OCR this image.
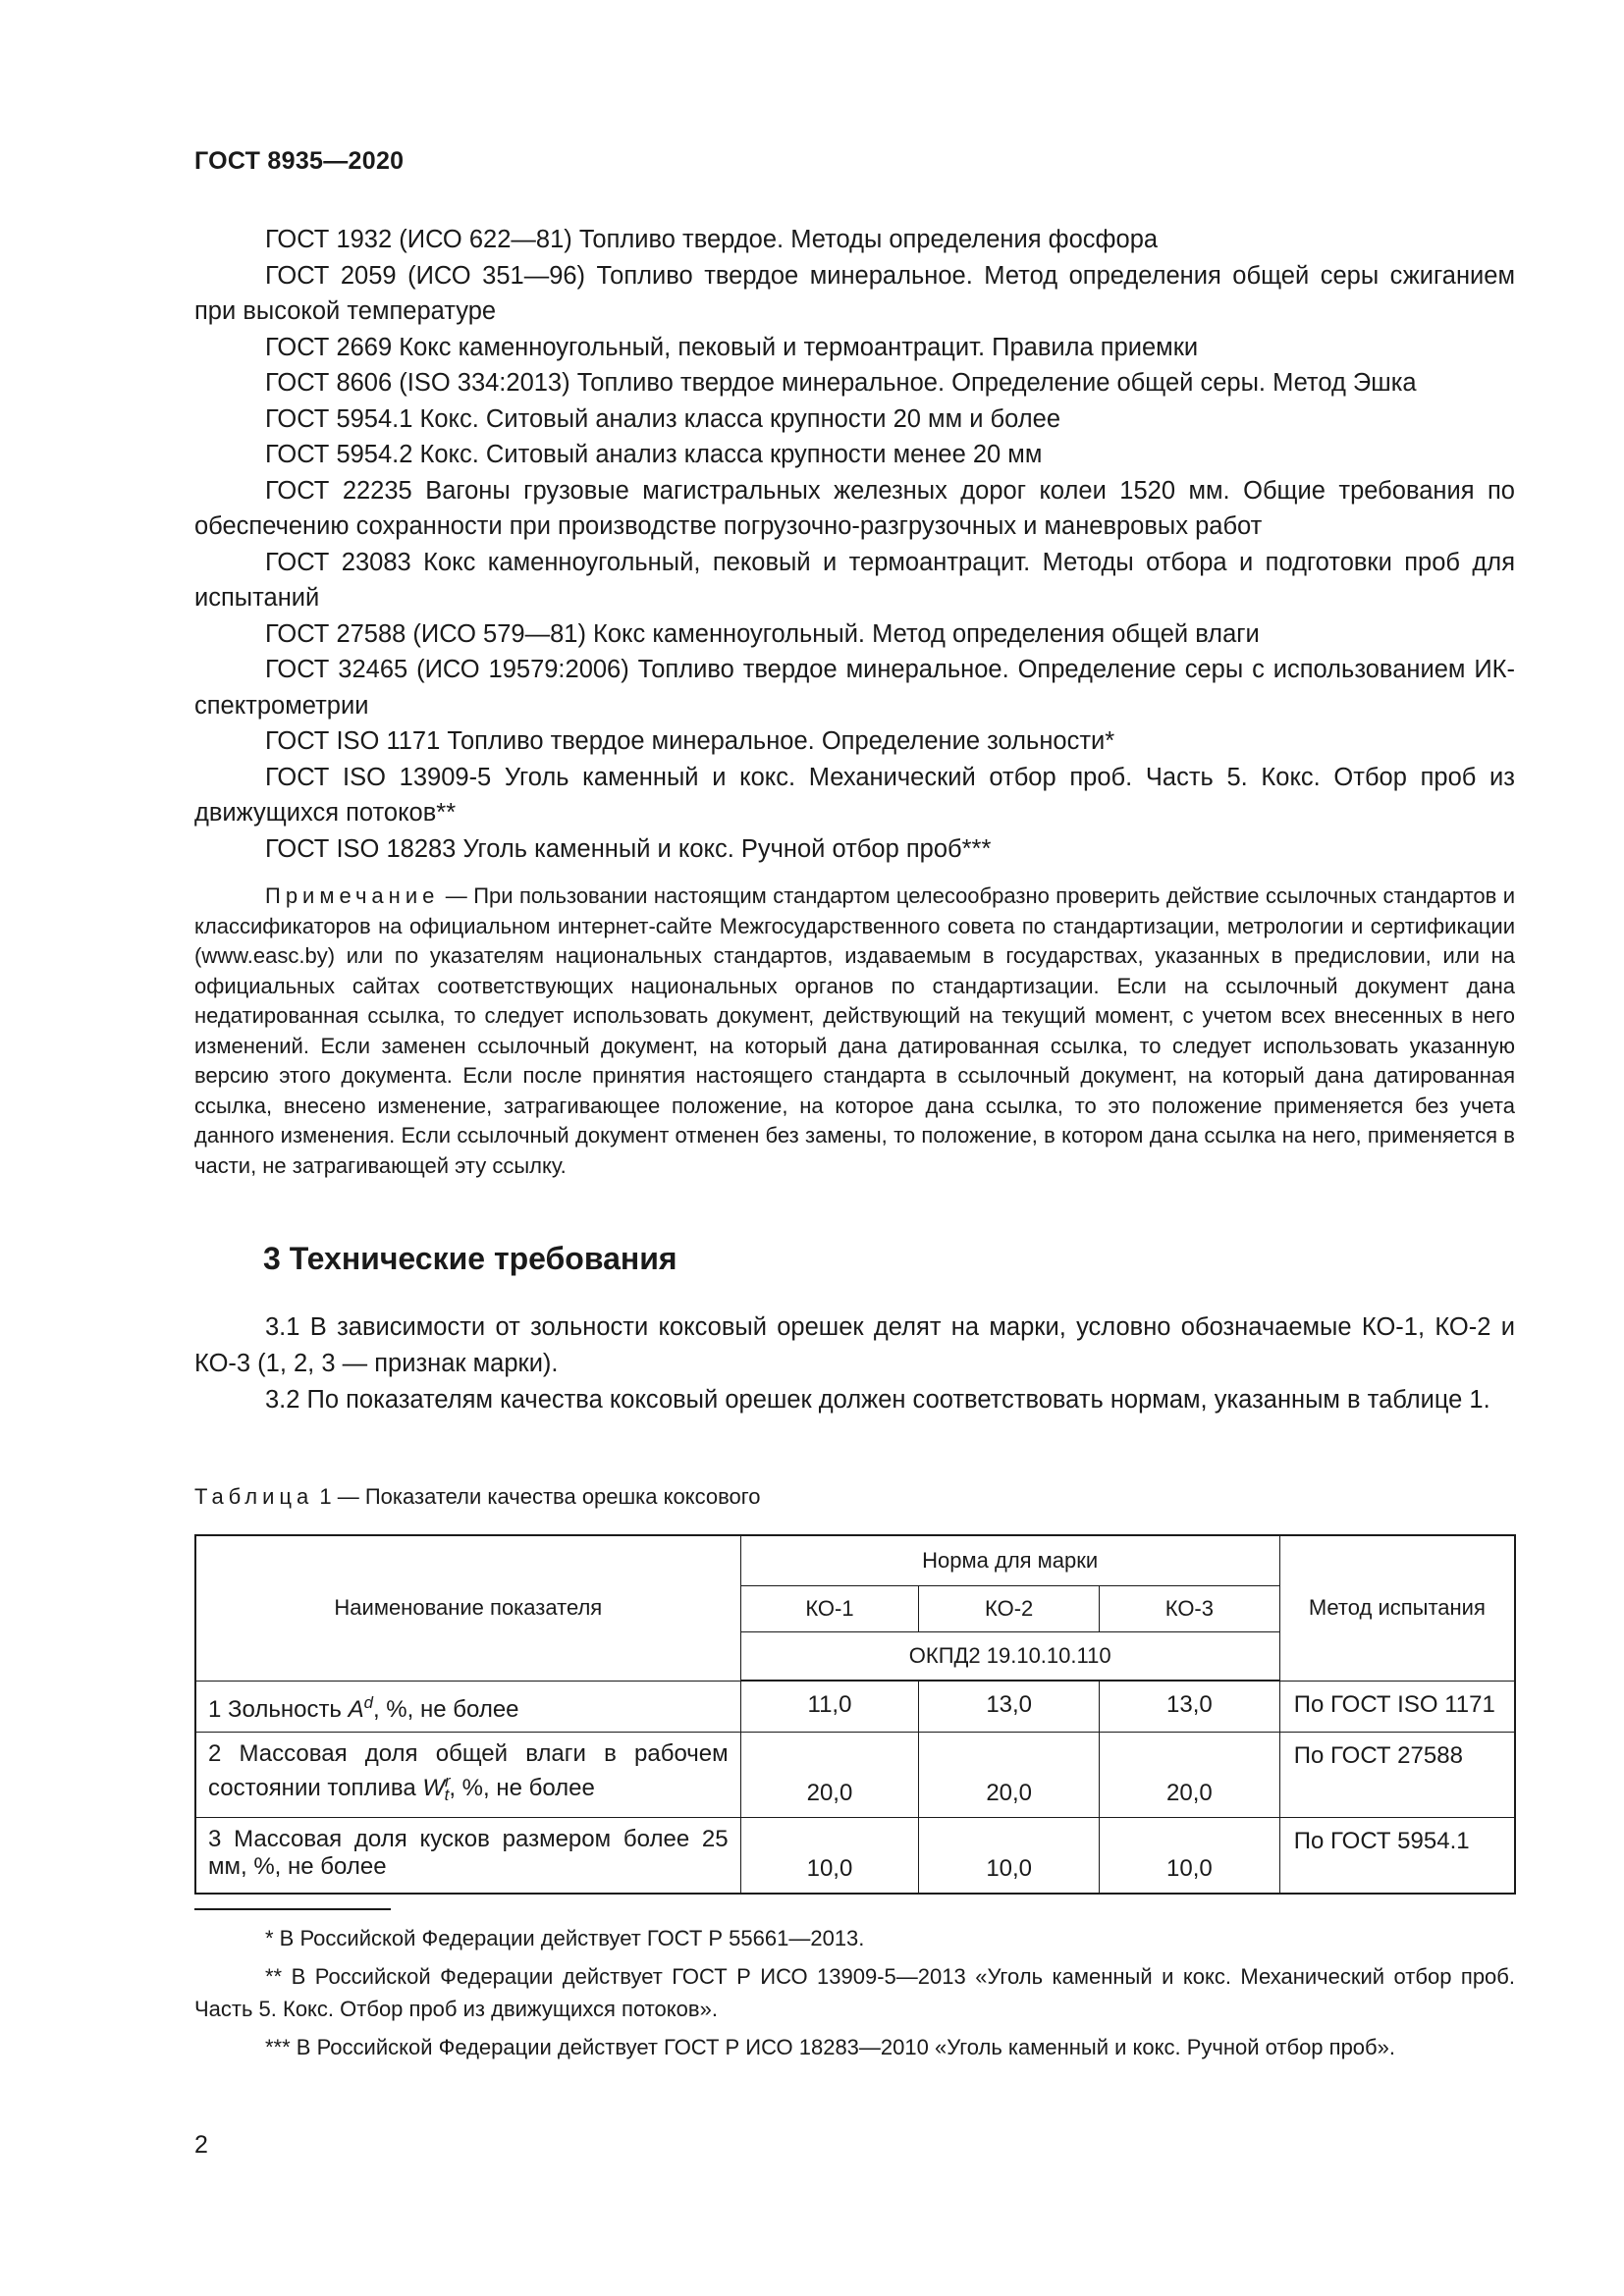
ГОСТ 8935—2020

ГОСТ 1932 (ИСО 622—81) Топливо твердое. Методы определения фосфора

ГОСТ 2059 (ИСО 351—96) Топливо твердое минеральное. Метод определения общей серы сжиганием при высокой температуре

ГОСТ 2669 Кокс каменноугольный, пековый и термоантрацит. Правила приемки

ГОСТ 8606 (ISO 334:2013) Топливо твердое минеральное. Определение общей серы. Метод Эшка

ГОСТ 5954.1 Кокс. Ситовый анализ класса крупности 20 мм и более

ГОСТ 5954.2 Кокс. Ситовый анализ класса крупности менее 20 мм

ГОСТ 22235 Вагоны грузовые магистральных железных дорог колеи 1520 мм. Общие требования по обеспечению сохранности при производстве погрузочно-разгрузочных и маневровых работ

ГОСТ 23083 Кокс каменноугольный, пековый и термоантрацит. Методы отбора и подготовки проб для испытаний

ГОСТ 27588 (ИСО 579—81) Кокс каменноугольный. Метод определения общей влаги

ГОСТ 32465 (ИСО 19579:2006) Топливо твердое минеральное. Определение серы с использованием ИК-спектрометрии

ГОСТ ISO 1171 Топливо твердое минеральное. Определение зольности*

ГОСТ ISO 13909-5 Уголь каменный и кокс. Механический отбор проб. Часть 5. Кокс. Отбор проб из движущихся потоков**

ГОСТ ISO 18283 Уголь каменный и кокс. Ручной отбор проб***

Примечание — При пользовании настоящим стандартом целесообразно проверить действие ссылочных стандартов и классификаторов на официальном интернет-сайте Межгосударственного совета по стандартизации, метрологии и сертификации (www.easc.by) или по указателям национальных стандартов, издаваемым в государствах, указанных в предисловии, или на официальных сайтах соответствующих национальных органов по стандартизации. Если на ссылочный документ дана недатированная ссылка, то следует использовать документ, действующий на текущий момент, с учетом всех внесенных в него изменений. Если заменен ссылочный документ, на который дана датированная ссылка, то следует использовать указанную версию этого документа. Если после принятия настоящего стандарта в ссылочный документ, на который дана датированная ссылка, внесено изменение, затрагивающее положение, на которое дана ссылка, то это положение применяется без учета данного изменения. Если ссылочный документ отменен без замены, то положение, в котором дана ссылка на него, применяется в части, не затрагивающей эту ссылку.

3 Технические требования

3.1 В зависимости от зольности коксовый орешек делят на марки, условно обозначаемые КО-1, КО-2 и КО-3 (1, 2, 3 — признак марки).

3.2 По показателям качества коксовый орешек должен соответствовать нормам, указанным в таблице 1.

Таблица 1 — Показатели качества орешка коксового

Наименование показателя	Норма для марки			Метод испытания
	КО-1	КО-2	КО-3	
	ОКПД2 19.10.10.110			
1 Зольность $A^d$, %, не более	11,0	13,0	13,0	По ГОСТ ISO 1171
2 Массовая доля общей влаги в рабочем состоянии топлива $W^r_t$, %, не более	20,0	20,0	20,0	По ГОСТ 27588
3 Массовая доля кусков размером более 25 мм, %, не более	10,0	10,0	10,0	По ГОСТ 5954.1

* В Российской Федерации действует ГОСТ Р 55661—2013.

** В Российской Федерации действует ГОСТ Р ИСО 13909-5—2013 «Уголь каменный и кокс. Механический отбор проб. Часть 5. Кокс. Отбор проб из движущихся потоков».

*** В Российской Федерации действует ГОСТ Р ИСО 18283—2010 «Уголь каменный и кокс. Ручной отбор проб».

2
